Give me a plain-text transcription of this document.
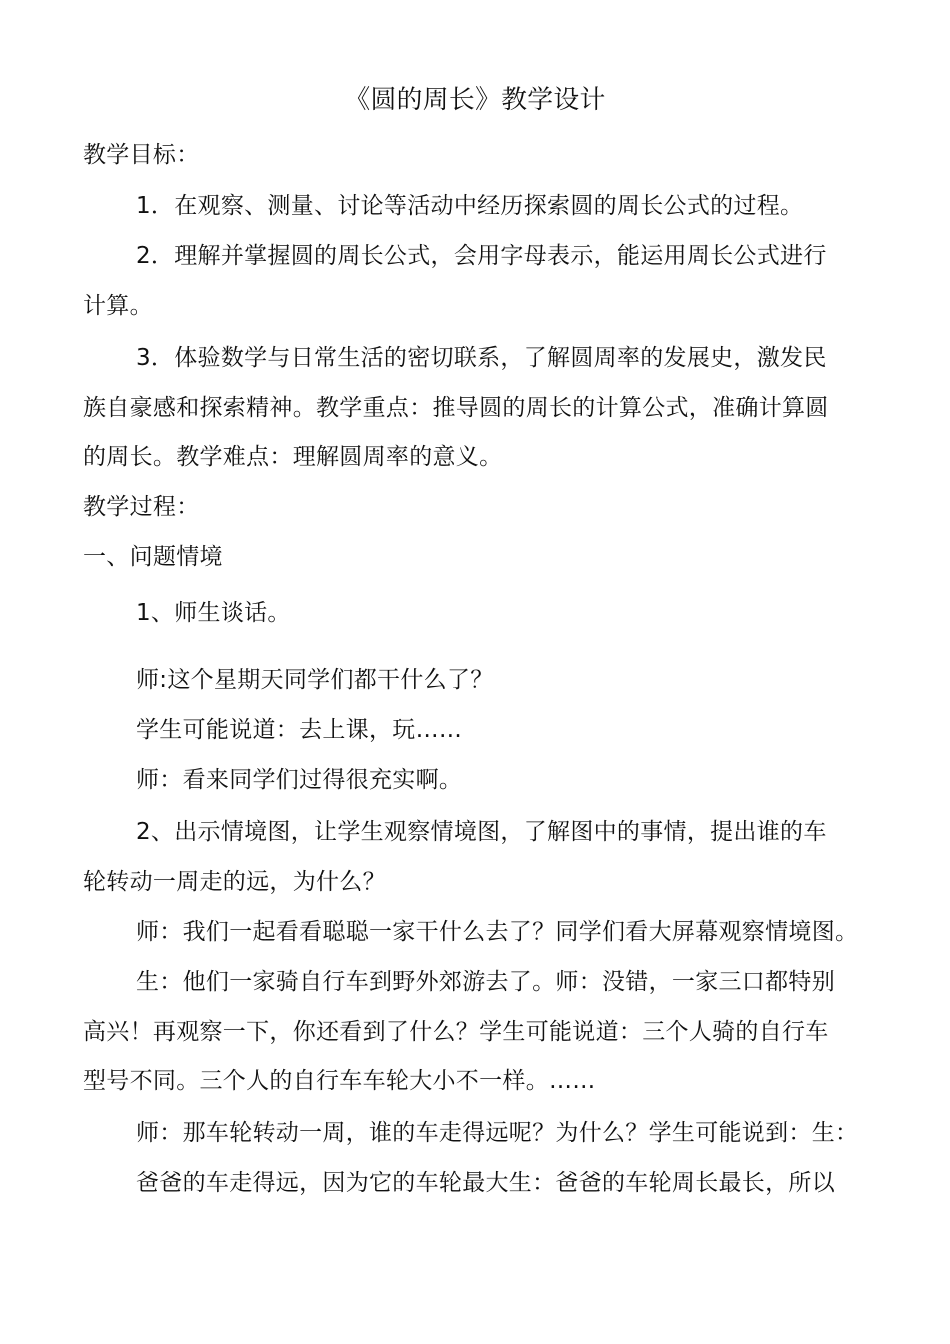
《圆的周长》教学设计
教学目标：
1．在观察、测量、讨论等活动中经历探索圆的周长公式的过程。
2．理解并掌握圆的周长公式，会用字母表示，能运用周长公式进行
计算。
3．体验数学与日常生活的密切联系，了解圆周率的发展史，激发民
族自豪感和探索精神。教学重点：推导圆的周长的计算公式，准确计算圆
的周长。教学难点：理解圆周率的意义。
教学过程：
一、问题情境
1、师生谈话。
师:这个星期天同学们都干什么了？
学生可能说道：去上课，玩……
师：看来同学们过得很充实啊。
2、出示情境图，让学生观察情境图，了解图中的事情，提出谁的车
轮转动一周走的远，为什么？
师：我们一起看看聪聪一家干什么去了？同学们看大屏幕观察情境图。
生：他们一家骑自行车到野外郊游去了。师：没错，一家三口都特别
高兴！再观察一下，你还看到了什么？学生可能说道：三个人骑的自行车
型号不同。三个人的自行车车轮大小不一样。……
师：那车轮转动一周，谁的车走得远呢？为什么？学生可能说到：生：
爸爸的车走得远，因为它的车轮最大生：爸爸的车轮周长最长，所以
